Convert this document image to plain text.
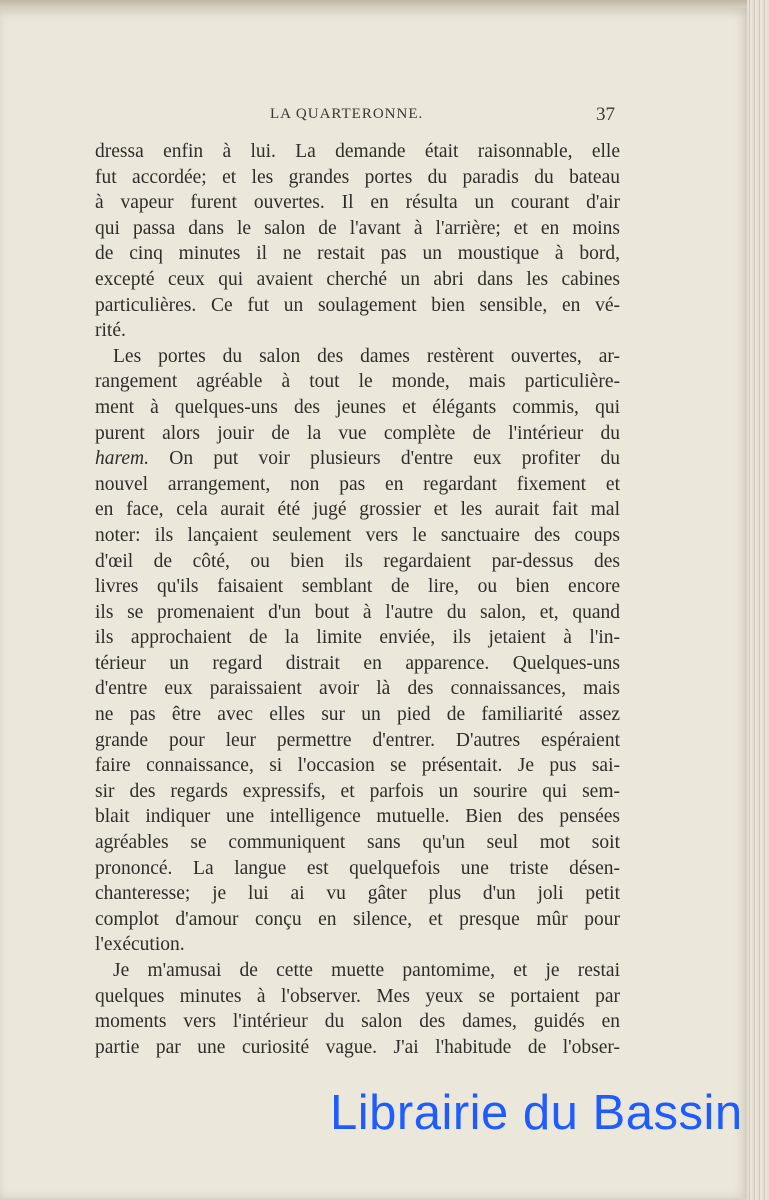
LA QUARTERONNE.	37
dressa enfin à lui. La demande était raisonnable, elle
fut accordée; et les grandes portes du paradis du bateau
à vapeur furent ouvertes. Il en résulta un courant d'air
qui passa dans le salon de l'avant à l'arrière; et en moins
de cinq minutes il ne restait pas un moustique à bord,
excepté ceux qui avaient cherché un abri dans les cabines
particulières. Ce fut un soulagement bien sensible, en vé-
rité.
Les portes du salon des dames restèrent ouvertes, ar-
rangement agréable à tout le monde, mais particulière-
ment à quelques-uns des jeunes et élégants commis, qui
purent alors jouir de la vue complète de l'intérieur du
harem. On put voir plusieurs d'entre eux profiter du
nouvel arrangement, non pas en regardant fixement et
en face, cela aurait été jugé grossier et les aurait fait mal
noter: ils lançaient seulement vers le sanctuaire des coups
d'œil de côté, ou bien ils regardaient par-dessus des
livres qu'ils faisaient semblant de lire, ou bien encore
ils se promenaient d'un bout à l'autre du salon, et, quand
ils approchaient de la limite enviée, ils jetaient à l'in-
térieur un regard distrait en apparence. Quelques-uns
d'entre eux paraissaient avoir là des connaissances, mais
ne pas être avec elles sur un pied de familiarité assez
grande pour leur permettre d'entrer. D'autres espéraient
faire connaissance, si l'occasion se présentait. Je pus sai-
sir des regards expressifs, et parfois un sourire qui sem-
blait indiquer une intelligence mutuelle. Bien des pensées
agréables se communiquent sans qu'un seul mot soit
prononcé. La langue est quelquefois une triste désen-
chanteresse; je lui ai vu gâter plus d'un joli petit
complot d'amour conçu en silence, et presque mûr pour
l'exécution.
Je m'amusai de cette muette pantomime, et je restai
quelques minutes à l'observer. Mes yeux se portaient par
moments vers l'intérieur du salon des dames, guidés en
partie par une curiosité vague. J'ai l'habitude de l'obser-
Librairie du Bassin
